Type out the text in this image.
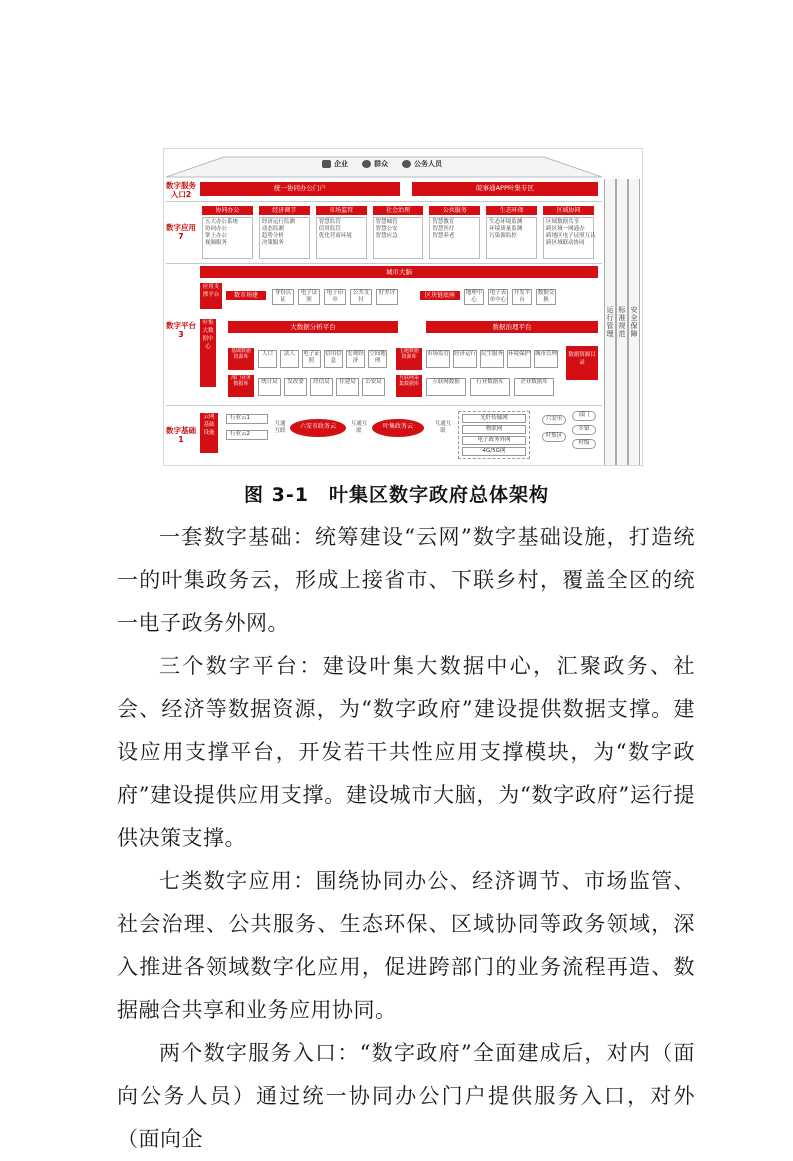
企业	群众	公务人员
运行管理 标准规范 安全保障
数字服务入口2
统一协同办公门户	皖事通APP叶集专区
数字应用7
数字平台3
城市大脑
应用支撑平台	数市场建	区块链底座
叶集大数据中心
大数据分析平台	数据治理平台
基础数据资源库
主题数据资源库
部门业务数据库
互联网采集数据库
数据资源目录
数字基础1
云网基础设施
行业云1
行业云2
互通互联
六安市政务云	互通互联
叶集政务云	互通互联
协同办公
五大办公系统
协同办公
掌上办公
视频服务
经济调节
经济运行监测
动态监测
趋势分析
决策服务
市场监管
智慧监管
信用监管
优化营商环境
社会治理
智慧城管
智慧公安
智慧应急
公共服务
智慧教育
智慧医疗
智慧养老
生态环保
生态环境监测
环境质量监测
污染源监控
区域协同
区域数据共享
跨区域一网通办
跨地区电子证照互认
跨区域联动协同
身份认证
电子证照
电子印章
公共支付
好差评	地理中心
电子表单中心
开发平台
数据交换
人口	法人	电子证照
信用信息
宏观经济
空间地理
市场监管 经济运行 民生服务 环境保护 城市管理
统计局	发改委	经信局	住建局	公安局	互联网数据	行业数据库	企业数据库
光纤传输网
物联网
电子政务外网
4G/5G网
六安市
叶集区
部门
乡镇
村级
图 3-1　叶集区数字政府总体架构

一套数字基础：统筹建设“云网”数字基础设施，打造统一的叶集政务云，形成上接省市、下联乡村，覆盖全区的统一电子政务外网。

三个数字平台：建设叶集大数据中心，汇聚政务、社会、经济等数据资源，为“数字政府”建设提供数据支撑。建设应用支撑平台，开发若干共性应用支撑模块，为“数字政府”建设提供应用支撑。建设城市大脑，为“数字政府”运行提供决策支撑。

七类数字应用：围绕协同办公、经济调节、市场监管、社会治理、公共服务、生态环保、区域协同等政务领域，深入推进各领域数字化应用，促进跨部门的业务流程再造、数据融合共享和业务应用协同。

两个数字服务入口：“数字政府”全面建成后，对内（面向公务人员）通过统一协同办公门户提供服务入口，对外（面向企
